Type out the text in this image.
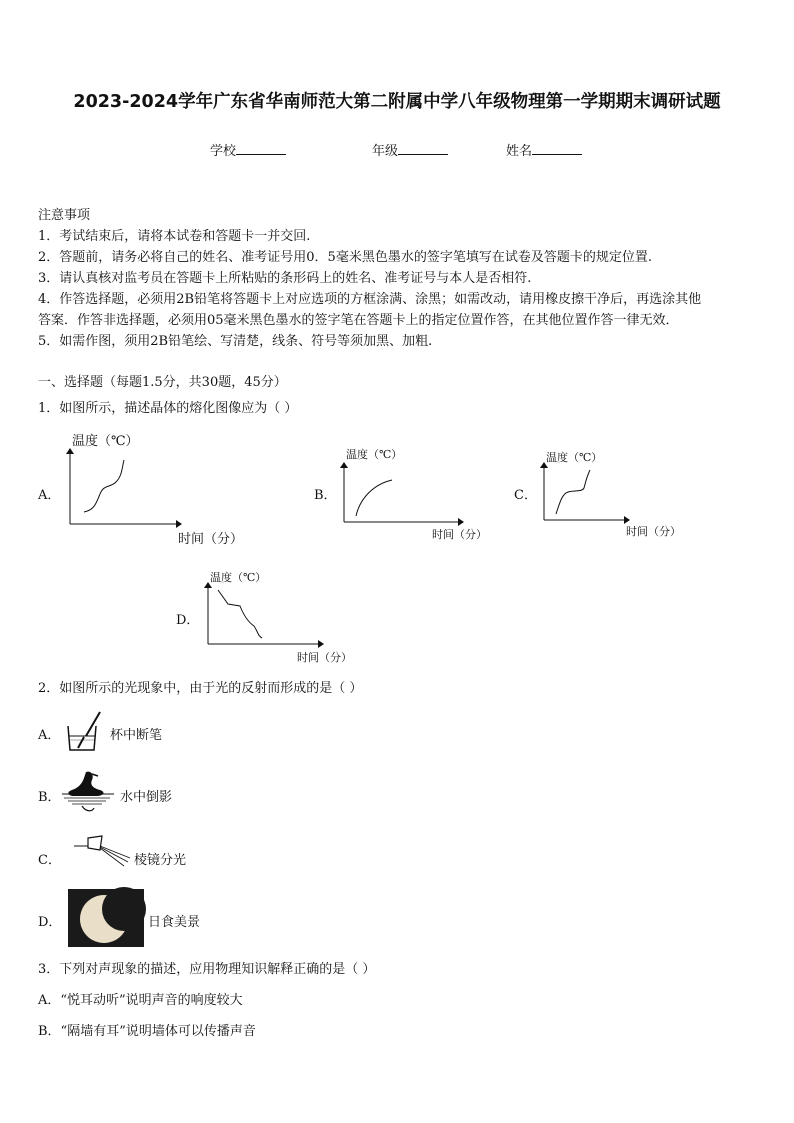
2023-2024学年广东省华南师范大第二附属中学八年级物理第一学期期末调研试题
学校	年级	姓名
注意事项
1．考试结束后，请将本试卷和答题卡一并交回.
2．答题前，请务必将自己的姓名、准考证号用0．5毫米黑色墨水的签字笔填写在试卷及答题卡的规定位置.
3．请认真核对监考员在答题卡上所粘贴的条形码上的姓名、准考证号与本人是否相符.
4．作答选择题，必须用2B铅笔将答题卡上对应选项的方框涂满、涂黑；如需改动，请用橡皮擦干净后，再选涂其他
答案．作答非选择题，必须用05毫米黑色墨水的签字笔在答题卡上的指定位置作答，在其他位置作答一律无效．
5．如需作图，须用2B铅笔绘、写清楚，线条、符号等须加黑、加粗.
一、选择题（每题1.5分，共30题，45分）
1．如图所示，描述晶体的熔化图像应为（ ）
A．
温度（℃）
时间（分）
B．
温度（℃）
时间（分）
C．
温度（℃）
时间（分）
D．
温度（℃）
时间（分）
2．如图所示的光现象中，由于光的反射而形成的是（ ）
A．	杯中断笔
B．	水中倒影
C．	棱镜分光
D．	日食美景
3．下列对声现象的描述，应用物理知识解释正确的是（ ）
A．“悦耳动听”说明声音的响度较大
B．“隔墙有耳”说明墙体可以传播声音
